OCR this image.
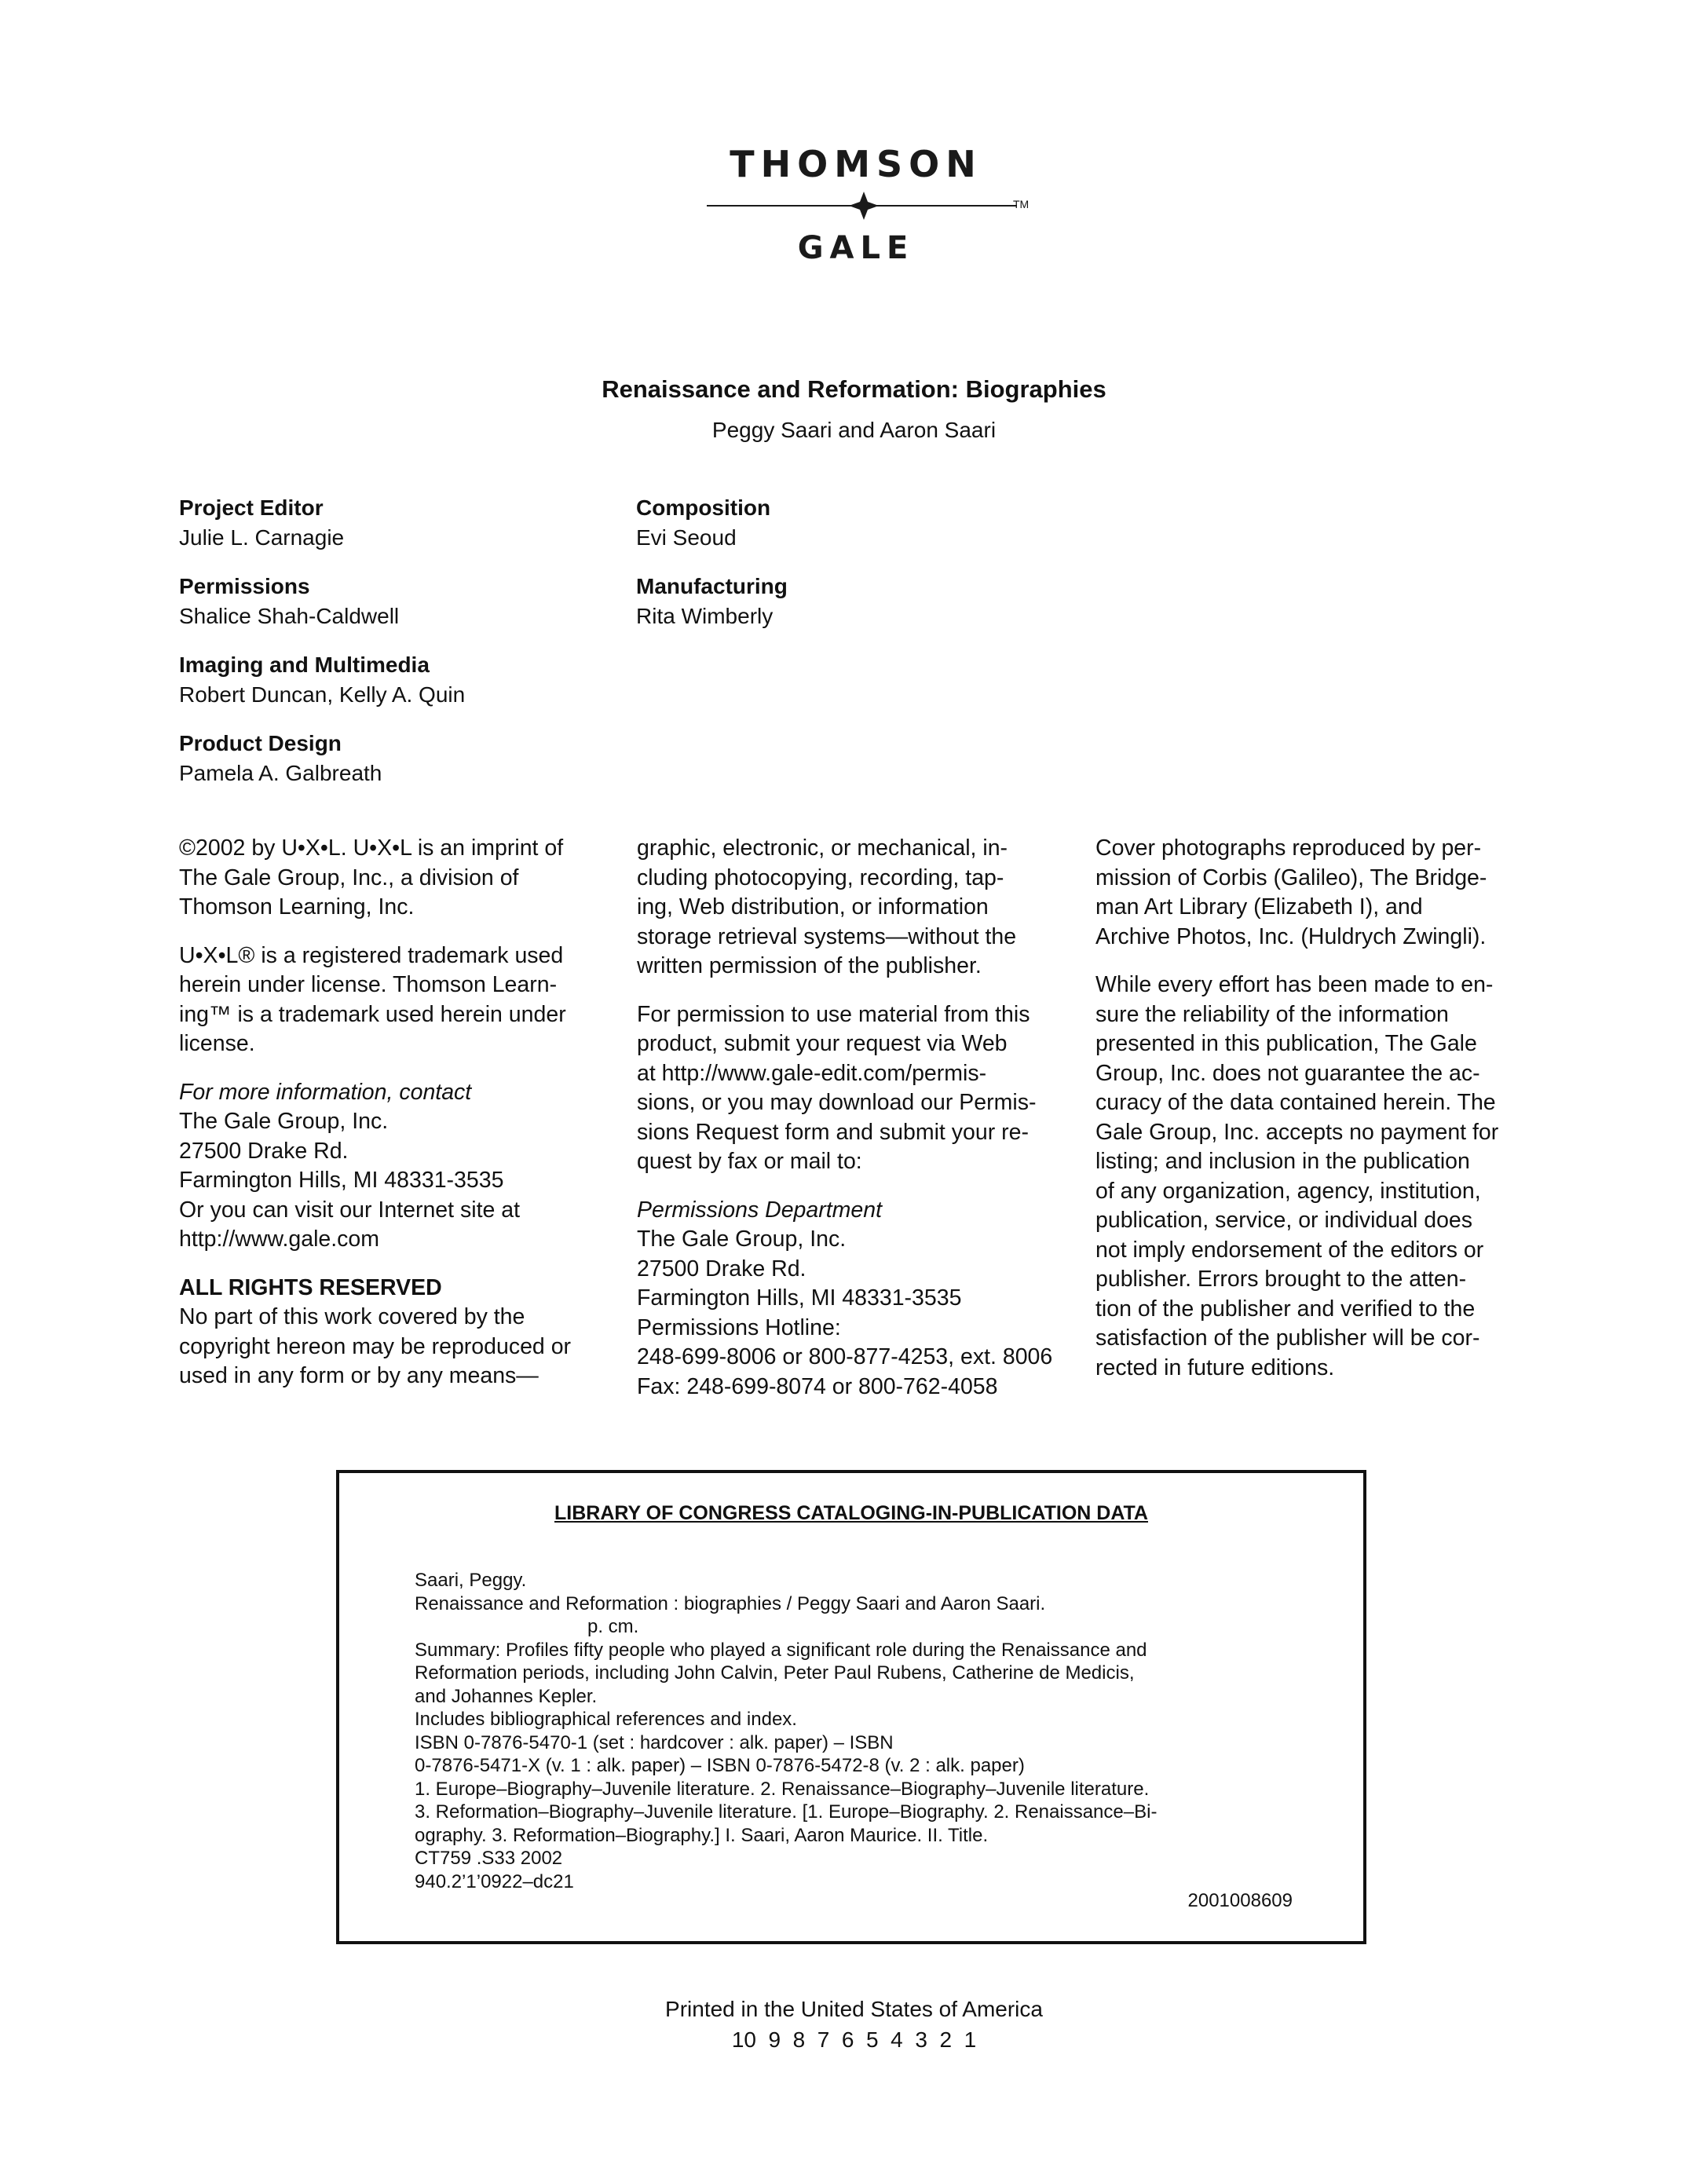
THOMSON
TM
GALE
Renaissance and Reformation: Biographies
Peggy Saari and Aaron Saari
Project Editor
Julie L. Carnagie
Permissions
Shalice Shah-Caldwell
Imaging and Multimedia
Robert Duncan, Kelly A. Quin
Product Design
Pamela A. Galbreath
Composition
Evi Seoud
Manufacturing
Rita Wimberly

©2002 by U•X•L. U•X•L is an imprint of
The Gale Group, Inc., a division of
Thomson Learning, Inc.

U•X•L® is a registered trademark used
herein under license. Thomson Learn-
ing™ is a trademark used herein under
license.

For more information, contact
The Gale Group, Inc.
27500 Drake Rd.
Farmington Hills, MI 48331-3535
Or you can visit our Internet site at
http://www.gale.com

ALL RIGHTS RESERVED
No part of this work covered by the
copyright hereon may be reproduced or
used in any form or by any means—

graphic, electronic, or mechanical, in-
cluding photocopying, recording, tap-
ing, Web distribution, or information
storage retrieval systems—without the
written permission of the publisher.

For permission to use material from this
product, submit your request via Web
at http://www.gale-edit.com/permis-
sions, or you may download our Permis-
sions Request form and submit your re-
quest by fax or mail to:

Permissions Department
The Gale Group, Inc.
27500 Drake Rd.
Farmington Hills, MI 48331-3535
Permissions Hotline:
248-699-8006 or 800-877-4253, ext. 8006
Fax: 248-699-8074 or 800-762-4058

Cover photographs reproduced by per-
mission of Corbis (Galileo), The Bridge-
man Art Library (Elizabeth I), and
Archive Photos, Inc. (Huldrych Zwingli).

While every effort has been made to en-
sure the reliability of the information
presented in this publication, The Gale
Group, Inc. does not guarantee the ac-
curacy of the data contained herein. The
Gale Group, Inc. accepts no payment for
listing; and inclusion in the publication
of any organization, agency, institution,
publication, service, or individual does
not imply endorsement of the editors or
publisher. Errors brought to the atten-
tion of the publisher and verified to the
satisfaction of the publisher will be cor-
rected in future editions.

LIBRARY OF CONGRESS CATALOGING-IN-PUBLICATION DATA
Saari, Peggy.
Renaissance and Reformation : biographies / Peggy Saari and Aaron Saari.
p. cm.
Summary: Profiles fifty people who played a significant role during the Renaissance and
Reformation periods, including John Calvin, Peter Paul Rubens, Catherine de Medicis,
and Johannes Kepler.
Includes bibliographical references and index.
ISBN 0-7876-5470-1 (set : hardcover : alk. paper) – ISBN
0-7876-5471-X (v. 1 : alk. paper) – ISBN 0-7876-5472-8 (v. 2 : alk. paper)
1. Europe–Biography–Juvenile literature. 2. Renaissance–Biography–Juvenile literature.
3. Reformation–Biography–Juvenile literature. [1. Europe–Biography. 2. Renaissance–Bi-
ography. 3. Reformation–Biography.] I. Saari, Aaron Maurice. II. Title.
CT759 .S33 2002
940.2’1’0922–dc21
2001008609
Printed in the United States of America
10  9  8  7  6  5  4  3  2  1
